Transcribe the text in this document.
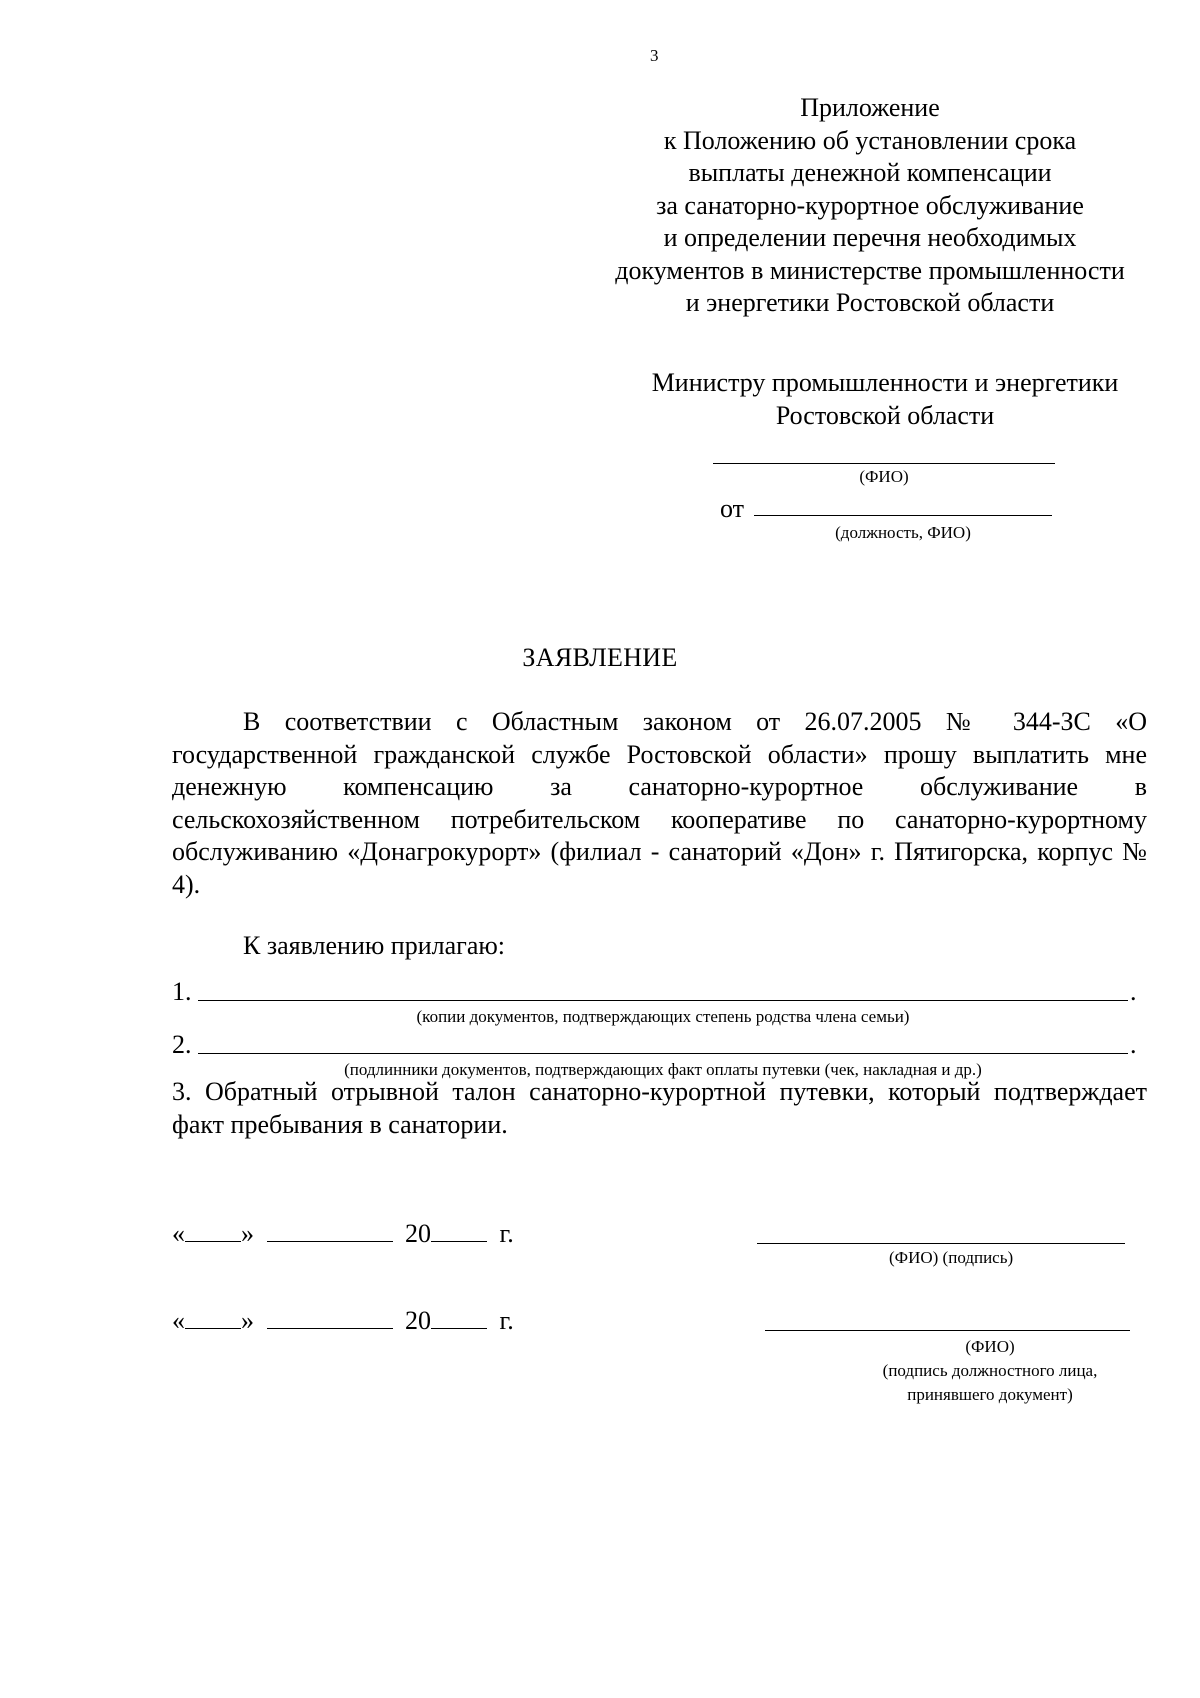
3
Приложение
к Положению об установлении срока
выплаты денежной компенсации
за санаторно-курортное обслуживание
и определении перечня необходимых
документов в министерстве промышленности
и энергетики Ростовской области
Министру промышленности и энергетики
Ростовской области
(ФИО)
от
(должность, ФИО)
ЗАЯВЛЕНИЕ

В соответствии с Областным законом от 26.07.2005 № 344-ЗС «О государственной гражданской службе Ростовской области» прошу выплатить мне денежную компенсацию за санаторно-курортное обслуживание в сельскохозяйственном потребительском кооперативе по санаторно-курортному обслуживанию «Донагрокурорт» (филиал - санаторий «Дон» г. Пятигорска, корпус № 4).

К заявлению прилагаю:
1.	.
(копии документов, подтверждающих степень родства члена семьи)
2.	.
(подлинники документов, подтверждающих факт оплаты путевки (чек, накладная и др.)

3. Обратный отрывной талон санаторно-курортной путевки, который подтверждает факт пребывания в санатории.

« »	20	г.
(ФИО) (подпись)
« »	20	г.
(ФИО)
(подпись должностного лица,
принявшего документ)
